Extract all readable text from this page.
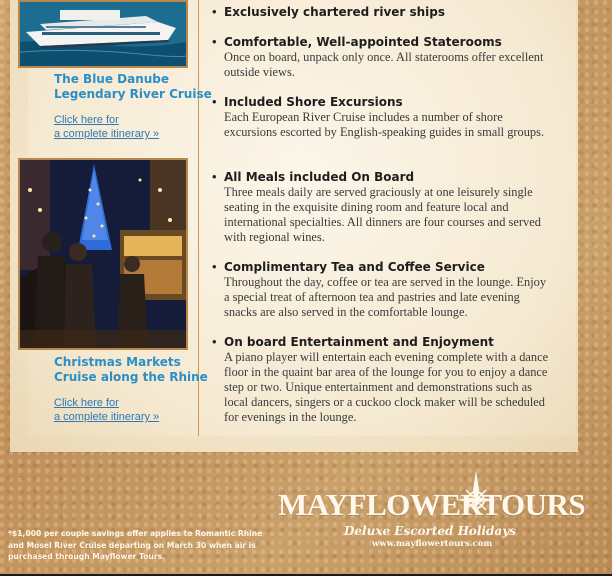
The Blue Danube
Legendary River Cruise
Click here for
a complete itinerary »
Christmas Markets
Cruise along the Rhine
Click here for
a complete itinerary »
• Exclusively chartered river ships
• Comfortable, Well-appointed Staterooms
Once on board, unpack only once. All staterooms offer excellent outside views.
• Included Shore Excursions
Each European River Cruise includes a number of shore excursions escorted by English-speaking guides in small groups.
• All Meals included On Board
Three meals daily are served graciously at one leisurely single seating in the exquisite dining room and feature local and international specialties. All dinners are four courses and served with regional wines.
• Complimentary Tea and Coffee Service
Throughout the day, coffee or tea are served in the lounge. Enjoy a special treat of afternoon tea and pastries and late evening snacks are also served in the comfortable lounge.
• On board Entertainment and Enjoyment
A piano player will entertain each evening complete with a dance floor in the quaint bar area of the lounge for you to enjoy a dance step or two. Unique entertainment and demonstrations such as local dancers, singers or a cuckoo clock maker will be scheduled for evenings in the lounge.
MAYFLOWERTOURS
Deluxe Escorted Holidays
www.mayflowertours.com
*$1,000 per couple savings offer applies to Romantic Rhine and Mosel River Cruise departing on March 30 when air is purchased through Mayflower Tours.
